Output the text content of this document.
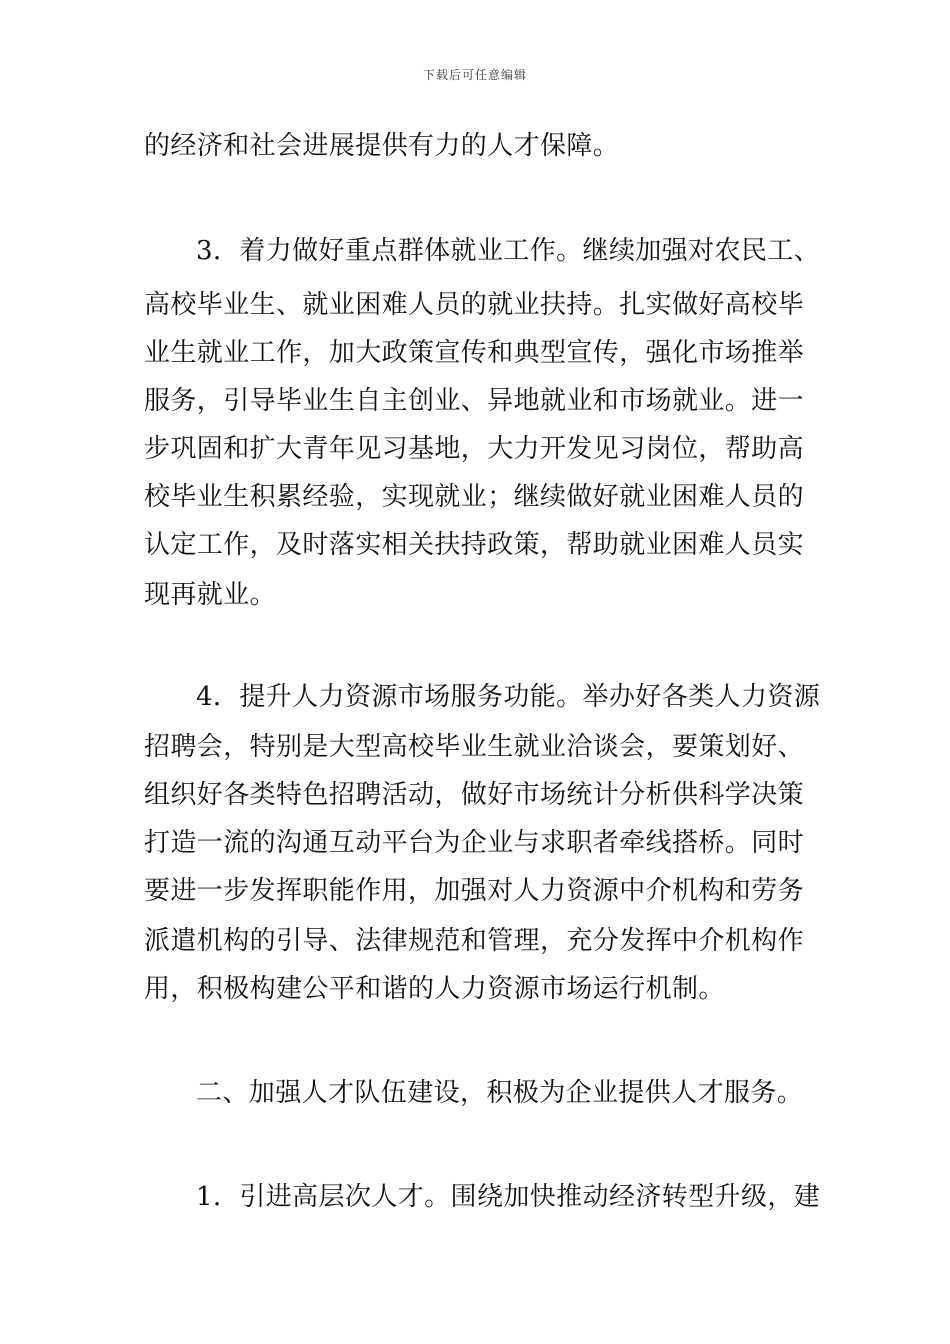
下载后可任意编辑
的经济和社会进展提供有力的人才保障。
3．着力做好重点群体就业工作。继续加强对农民工、
高校毕业生、就业困难人员的就业扶持。扎实做好高校毕
业生就业工作，加大政策宣传和典型宣传，强化市场推举
服务，引导毕业生自主创业、异地就业和市场就业。进一
步巩固和扩大青年见习基地，大力开发见习岗位，帮助高
校毕业生积累经验，实现就业；继续做好就业困难人员的
认定工作，及时落实相关扶持政策，帮助就业困难人员实
现再就业。
4．提升人力资源市场服务功能。举办好各类人力资源
招聘会，特别是大型高校毕业生就业洽谈会，要策划好、
组织好各类特色招聘活动，做好市场统计分析供科学决策
打造一流的沟通互动平台为企业与求职者牵线搭桥。同时
要进一步发挥职能作用，加强对人力资源中介机构和劳务
派遣机构的引导、法律规范和管理，充分发挥中介机构作
用，积极构建公平和谐的人力资源市场运行机制。
二、加强人才队伍建设，积极为企业提供人才服务。
1．引进高层次人才。围绕加快推动经济转型升级，建
